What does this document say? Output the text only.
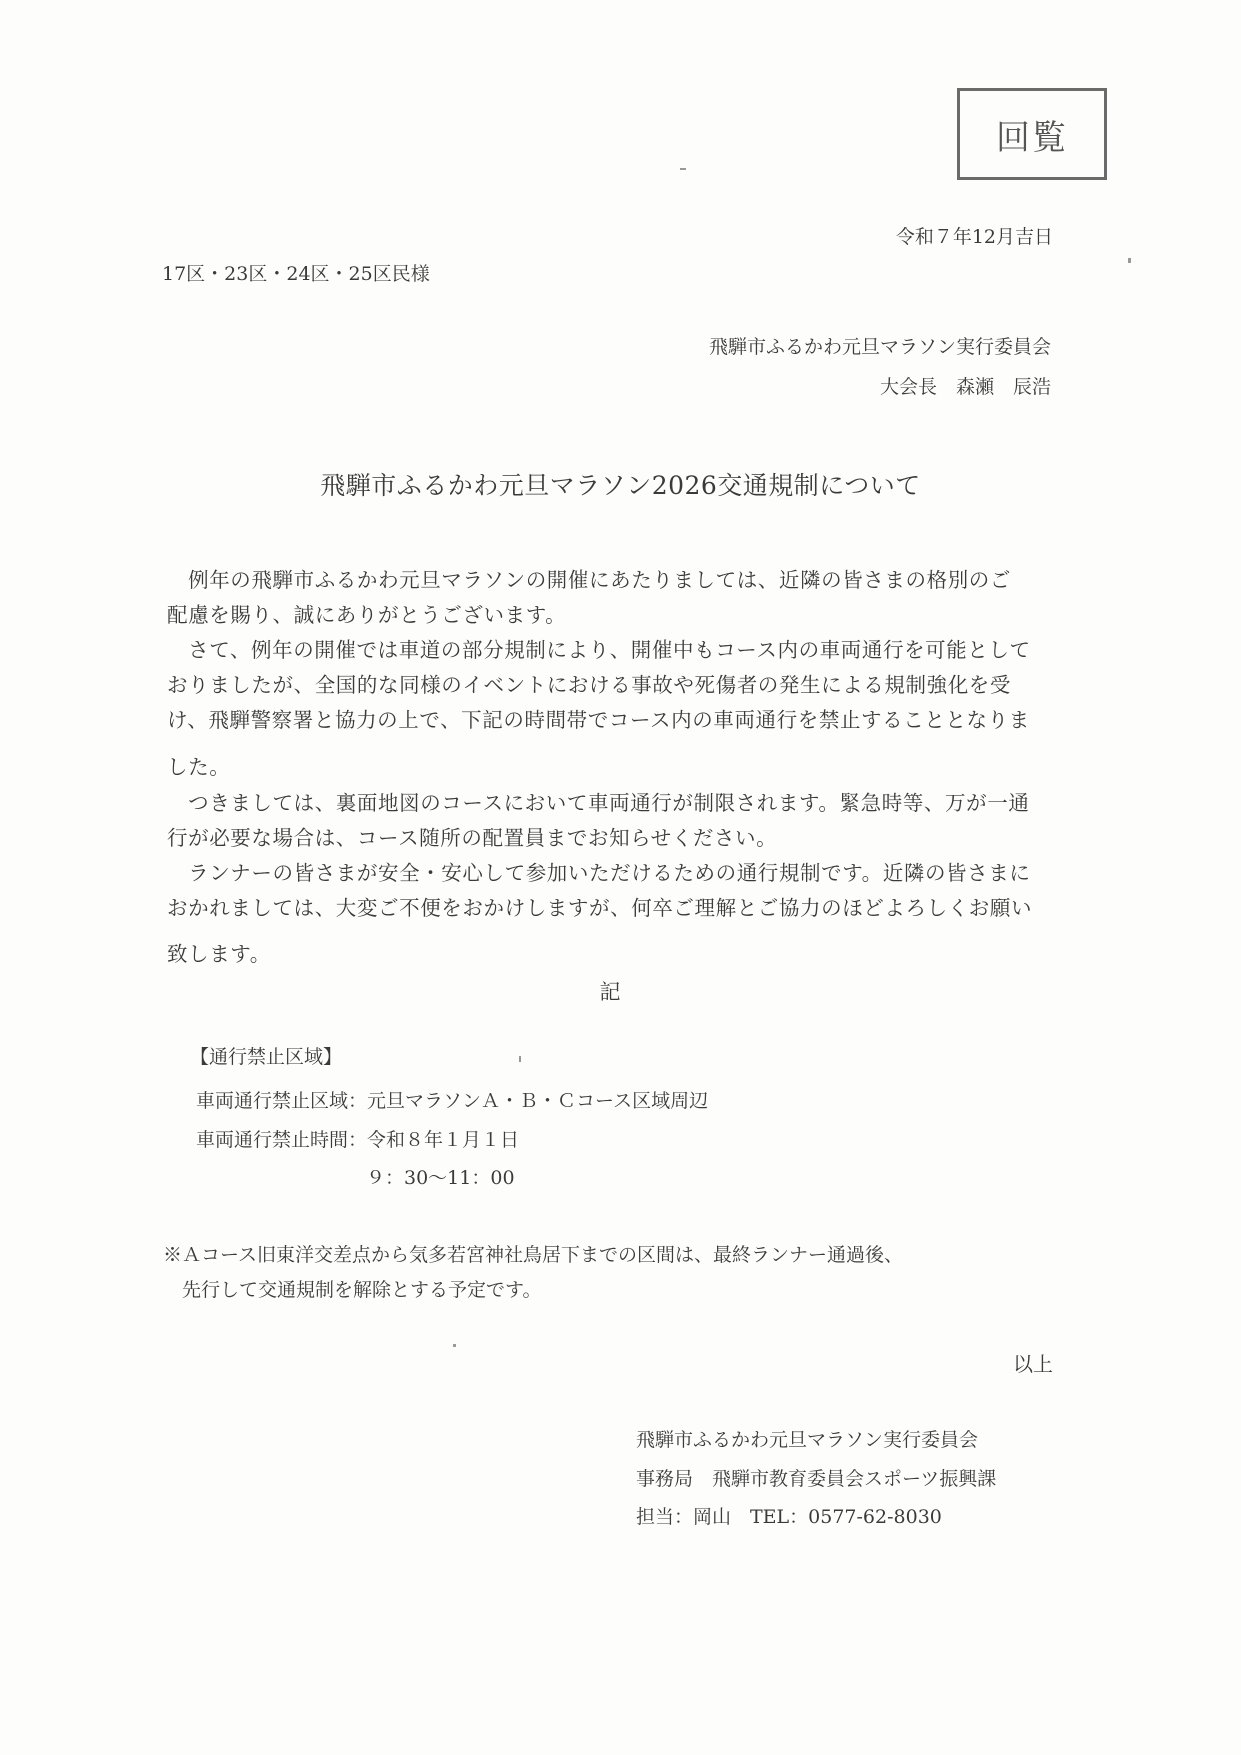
回覧
令和７年12月吉日
17区・23区・24区・25区民様
飛騨市ふるかわ元旦マラソン実行委員会
大会長　森瀬　辰浩
飛騨市ふるかわ元旦マラソン2026交通規制について
　例年の飛騨市ふるかわ元旦マラソンの開催にあたりましては、近隣の皆さまの格別のご
配慮を賜り、誠にありがとうございます。
　さて、例年の開催では車道の部分規制により、開催中もコース内の車両通行を可能として
おりましたが、全国的な同様のイベントにおける事故や死傷者の発生による規制強化を受
け、飛騨警察署と協力の上で、下記の時間帯でコース内の車両通行を禁止することとなりま
した。
　つきましては、裏面地図のコースにおいて車両通行が制限されます。緊急時等、万が一通
行が必要な場合は、コース随所の配置員までお知らせください。
　ランナーの皆さまが安全・安心して参加いただけるための通行規制です。近隣の皆さまに
おかれましては、大変ご不便をおかけしますが、何卒ご理解とご協力のほどよろしくお願い
致します。
記
【通行禁止区域】
車両通行禁止区域：元旦マラソンＡ・Ｂ・Ｃコース区域周辺
車両通行禁止時間：令和８年１月１日
９：30～11：00
※Ａコース旧東洋交差点から気多若宮神社鳥居下までの区間は、最終ランナー通過後、
　先行して交通規制を解除とする予定です。
以上
飛騨市ふるかわ元旦マラソン実行委員会
事務局　飛騨市教育委員会スポーツ振興課
担当：岡山　TEL：0577-62-8030
